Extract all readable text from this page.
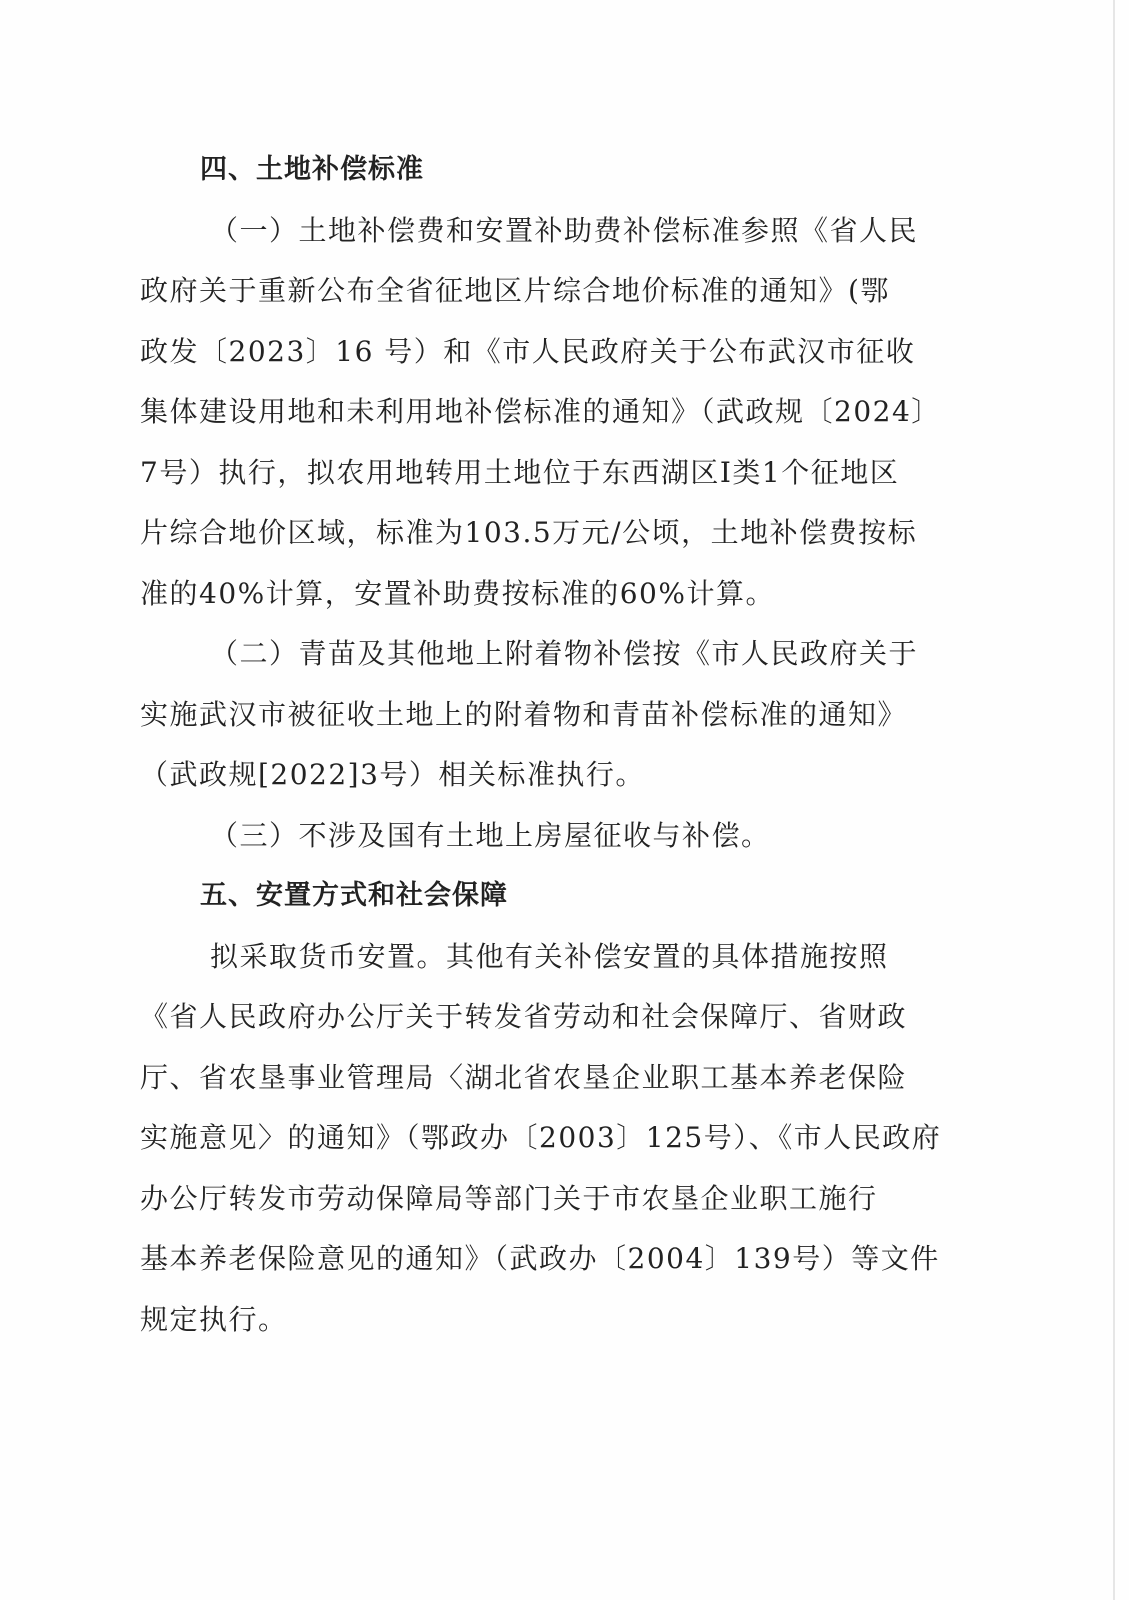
四、土地补偿标准

（一）土地补偿费和安置补助费补偿标准参照《省人民
政府关于重新公布全省征地区片综合地价标准的通知》(鄂
政发〔2023〕16 号）和《市人民政府关于公布武汉市征收
集体建设用地和未利用地补偿标准的通知》（武政规〔2024〕
7号）执行，拟农用地转用土地位于东西湖区Ⅰ类1个征地区
片综合地价区域，标准为103.5万元/公顷，土地补偿费按标
准的40%计算，安置补助费按标准的60%计算。

（二）青苗及其他地上附着物补偿按《市人民政府关于
实施武汉市被征收土地上的附着物和青苗补偿标准的通知》
（武政规[2022]3号）相关标准执行。

（三）不涉及国有土地上房屋征收与补偿。

五、安置方式和社会保障

拟采取货币安置。其他有关补偿安置的具体措施按照
《省人民政府办公厅关于转发省劳动和社会保障厅、省财政
厅、省农垦事业管理局〈湖北省农垦企业职工基本养老保险
实施意见〉的通知》（鄂政办〔2003〕125号）、《市人民政府
办公厅转发市劳动保障局等部门关于市农垦企业职工施行
基本养老保险意见的通知》（武政办〔2004〕139号）等文件
规定执行。
